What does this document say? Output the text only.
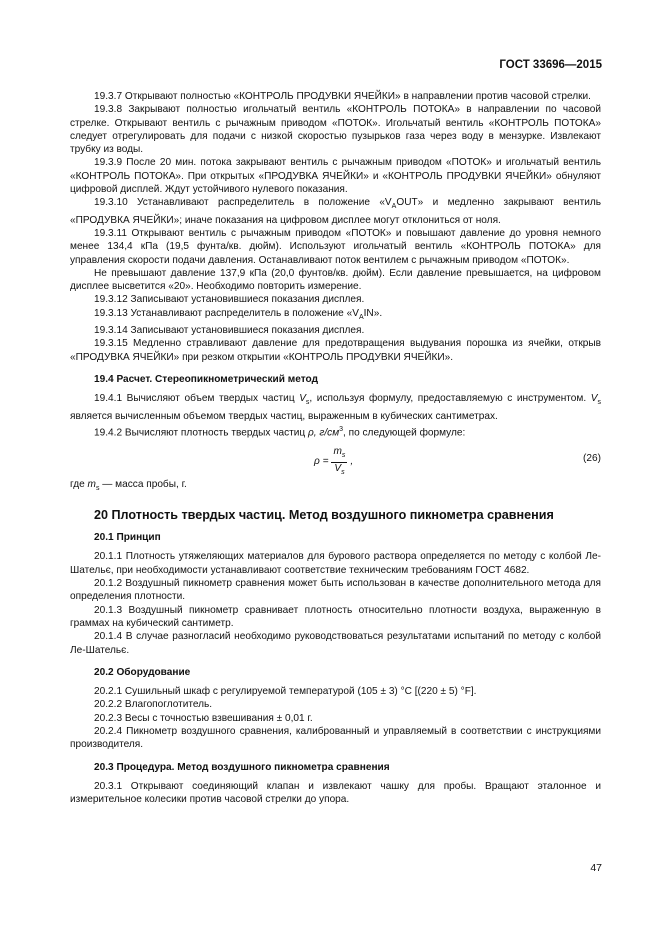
ГОСТ 33696—2015

19.3.7 Открывают полностью «КОНТРОЛЬ ПРОДУВКИ ЯЧЕЙКИ» в направлении против часовой стрелки.

19.3.8 Закрывают полностью игольчатый вентиль «КОНТРОЛЬ ПОТОКА» в направлении по часовой стрелке. Открывают вентиль с рычажным приводом «ПОТОК». Игольчатый вентиль «КОНТРОЛЬ ПОТОКА» следует отрегулировать для подачи с низкой скоростью пузырьков газа через воду в мензурке. Извлекают трубку из воды.

19.3.9 После 20 мин. потока закрывают вентиль с рычажным приводом «ПОТОК» и игольчатый вентиль «КОНТРОЛЬ ПОТОКА». При открытых «ПРОДУВКА ЯЧЕЙКИ» и «КОНТРОЛЬ ПРОДУВКИ ЯЧЕЙКИ» обнуляют цифровой дисплей. Ждут устойчивого нулевого показания.

19.3.10 Устанавливают распределитель в положение «$V_AOUT$» и медленно закрывают вентиль «ПРОДУВКА ЯЧЕЙКИ»; иначе показания на цифровом дисплее могут отклониться от ноля.

19.3.11 Открывают вентиль с рычажным приводом «ПОТОК» и повышают давление до уровня немного менее 134,4 кПа (19,5 фунта/кв. дюйм). Используют игольчатый вентиль «КОНТРОЛЬ ПОТОКА» для управления скорости подачи давления. Останавливают поток вентилем с рычажным приводом «ПОТОК».

Не превышают давление 137,9 кПа (20,0 фунтов/кв. дюйм). Если давление превышается, на цифровом дисплее высветится «20». Необходимо повторить измерение.

19.3.12 Записывают установившиеся показания дисплея.

19.3.13 Устанавливают распределитель в положение «$V_AIN$».

19.3.14 Записывают установившиеся показания дисплея.

19.3.15 Медленно стравливают давление для предотвращения выдувания порошка из ячейки, открыв «ПРОДУВКА ЯЧЕЙКИ» при резком открытии «КОНТРОЛЬ ПРОДУВКИ ЯЧЕЙКИ».

19.4 Расчет. Стереопикнометрический метод

19.4.1 Вычисляют объем твердых частиц $V_s$, используя формулу, предоставляемую с инструментом. $V_s$ является вычисленным объемом твердых частиц, выраженным в кубических сантиметрах.

19.4.2 Вычисляют плотность твердых частиц ρ, $г/см^3$, по следующей формуле:

$\rho = \frac{m_s}{V_s}$ ,	(26)
где $m_s$ — масса пробы, г.
20 Плотность твердых частиц. Метод воздушного пикнометра сравнения
20.1 Принцип

20.1.1 Плотность утяжеляющих материалов для бурового раствора определяется по методу с колбой Ле-Шательє, при необходимости устанавливают соответствие техническим требованиям ГОСТ 4682.

20.1.2 Воздушный пикнометр сравнения может быть использован в качестве дополнительного метода для определения плотности.

20.1.3 Воздушный пикнометр сравнивает плотность относительно плотности воздуха, выраженную в граммах на кубический сантиметр.

20.1.4 В случае разногласий необходимо руководствоваться результатами испытаний по методу с колбой Ле-Шательє.

20.2 Оборудование

20.2.1 Сушильный шкаф с регулируемой температурой (105 ± 3) °С [(220 ± 5) °F].

20.2.2 Влагопоглотитель.

20.2.3 Весы с точностью взвешивания ± 0,01 г.

20.2.4 Пикнометр воздушного сравнения, калиброванный и управляемый в соответствии с инструкциями производителя.

20.3 Процедура. Метод воздушного пикнометра сравнения

20.3.1 Открывают соединяющий клапан и извлекают чашку для пробы. Вращают эталонное и измерительное колесики против часовой стрелки до упора.

47
